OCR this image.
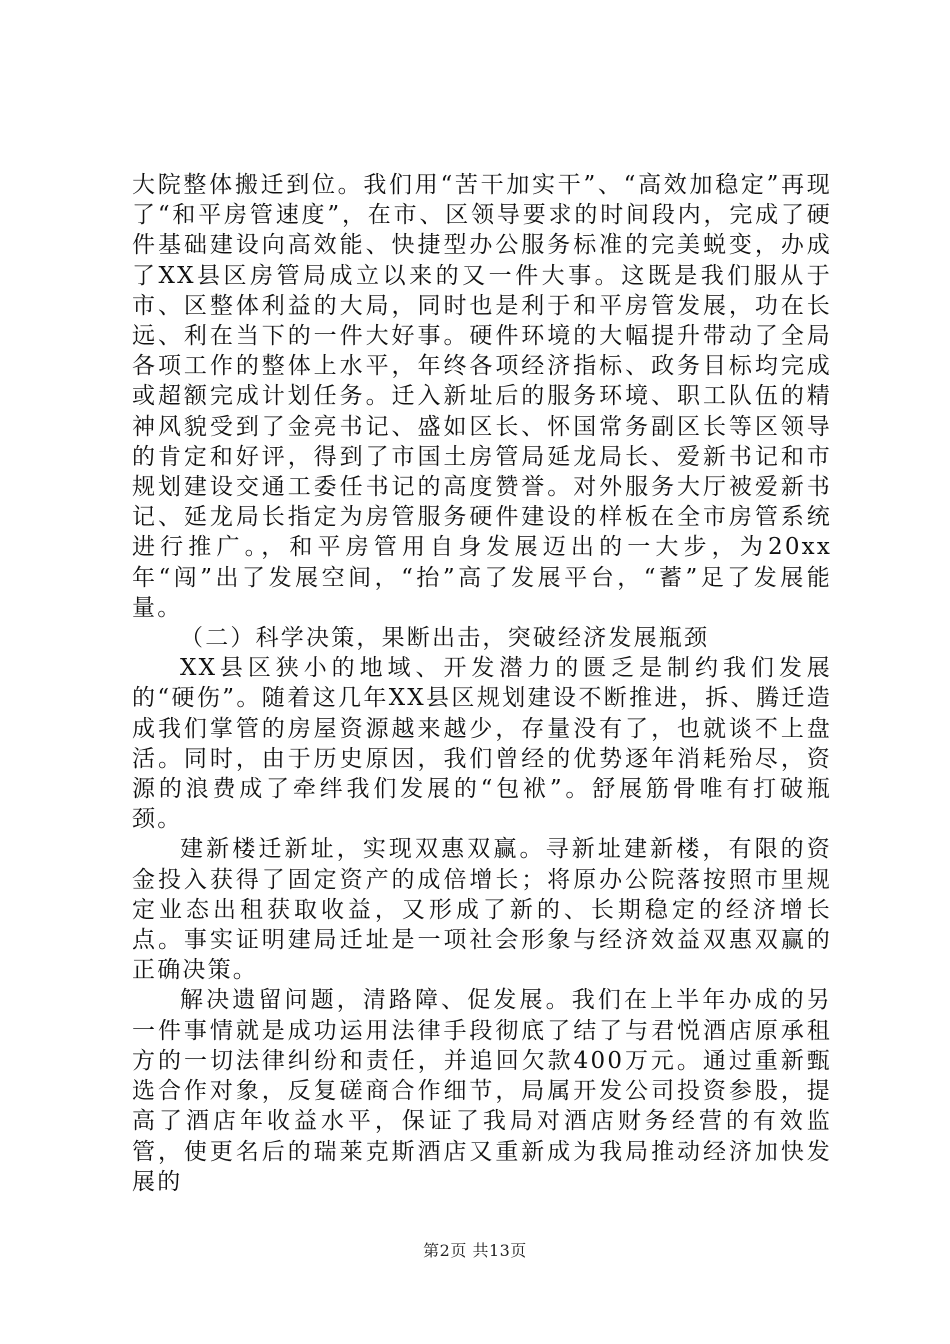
大院整体搬迁到位。我们用“苦干加实干”、“高效加稳定”再现了“和平房管速度”，在市、区领导要求的时间段内，完成了硬件基础建设向高效能、快捷型办公服务标准的完美蜕变，办成了XX县区房管局成立以来的又一件大事。这既是我们服从于市、区整体利益的大局，同时也是利于和平房管发展，功在长远、利在当下的一件大好事。硬件环境的大幅提升带动了全局各项工作的整体上水平，年终各项经济指标、政务目标均完成或超额完成计划任务。迁入新址后的服务环境、职工队伍的精神风貌受到了金亮书记、盛如区长、怀国常务副区长等区领导的肯定和好评，得到了市国土房管局延龙局长、爱新书记和市规划建设交通工委任书记的高度赞誉。对外服务大厅被爱新书记、延龙局长指定为房管服务硬件建设的样板在全市房管系统进行推广。，和平房管用自身发展迈出的一大步，为20xx年“闯”出了发展空间，“抬”高了发展平台，“蓄”足了发展能量。

（二）科学决策，果断出击，突破经济发展瓶颈

XX县区狭小的地域、开发潜力的匮乏是制约我们发展的“硬伤”。随着这几年XX县区规划建设不断推进，拆、腾迁造成我们掌管的房屋资源越来越少，存量没有了，也就谈不上盘活。同时，由于历史原因，我们曾经的优势逐年消耗殆尽，资源的浪费成了牵绊我们发展的“包袱”。舒展筋骨唯有打破瓶颈。

建新楼迁新址，实现双惠双赢。寻新址建新楼，有限的资金投入获得了固定资产的成倍增长；将原办公院落按照市里规定业态出租获取收益，又形成了新的、长期稳定的经济增长点。事实证明建局迁址是一项社会形象与经济效益双惠双赢的正确决策。

解决遗留问题，清路障、促发展。我们在上半年办成的另一件事情就是成功运用法律手段彻底了结了与君悦酒店原承租方的一切法律纠纷和责任，并追回欠款400万元。通过重新甄选合作对象，反复磋商合作细节，局属开发公司投资参股，提高了酒店年收益水平，保证了我局对酒店财务经营的有效监管，使更名后的瑞莱克斯酒店又重新成为我局推动经济加快发展的

第2页 共13页
